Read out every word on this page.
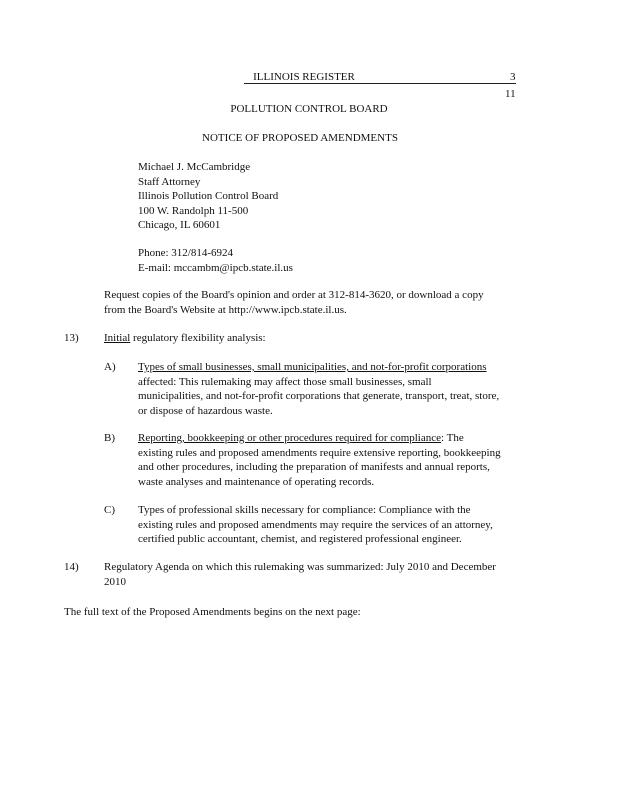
ILLINOIS REGISTER	3
11
POLLUTION CONTROL BOARD
NOTICE OF PROPOSED AMENDMENTS
Michael J. McCambridge
Staff Attorney
Illinois Pollution Control Board
100 W. Randolph 11-500
Chicago, IL 60601
Phone: 312/814-6924
E-mail: mccambm@ipcb.state.il.us
Request copies of the Board's opinion and order at 312-814-3620, or download a copy
from the Board's Website at http://www.ipcb.state.il.us.
13) Initial regulatory flexibility analysis:
A) Types of small businesses, small municipalities, and not-for-profit corporations
affected: This rulemaking may affect those small businesses, small
municipalities, and not-for-profit corporations that generate, transport, treat, store,
or dispose of hazardous waste.
B) Reporting, bookkeeping or other procedures required for compliance: The
existing rules and proposed amendments require extensive reporting, bookkeeping
and other procedures, including the preparation of manifests and annual reports,
waste analyses and maintenance of operating records.
C) Types of professional skills necessary for compliance: Compliance with the
existing rules and proposed amendments may require the services of an attorney,
certified public accountant, chemist, and registered professional engineer.
14) Regulatory Agenda on which this rulemaking was summarized: July 2010 and December
2010
The full text of the Proposed Amendments begins on the next page:
